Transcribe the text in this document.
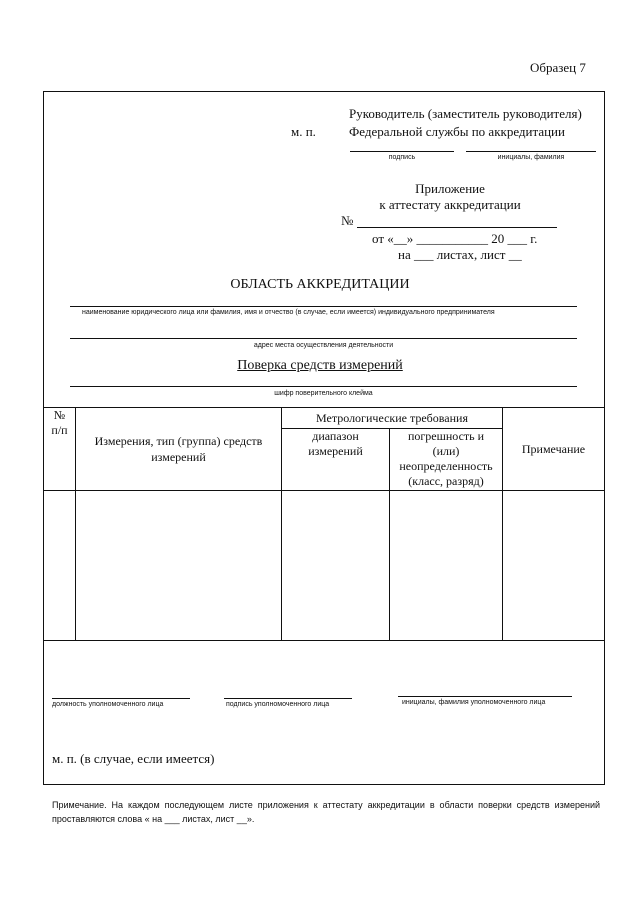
Образец 7
м. п.
Руководитель (заместитель руководителя)
Федеральной службы по аккредитации
подпись	инициалы, фамилия
Приложение
к аттестату аккредитации
№
от «__» ___________ 20 ___ г.
на ___ листах, лист __
ОБЛАСТЬ АККРЕДИТАЦИИ
наименование юридического лица или фамилия, имя и отчество (в случае, если имеется) индивидуального предпринимателя
адрес места осуществления деятельности
Поверка средств измерений
шифр поверительного клейма
№ п/п	Измерения, тип (группа) средств измерений	Метрологические требования		Примечание

		диапазон измерений	погрешность и (или) неопределенность (класс, разряд)	

должность уполномоченного лица	подпись уполномоченного лица	инициалы, фамилия уполномоченного лица
м. п. (в случае, если имеется)
Примечание. На каждом последующем листе приложения к аттестату аккредитации в области поверки средств измерений проставляются слова « на ___ листах, лист __».
